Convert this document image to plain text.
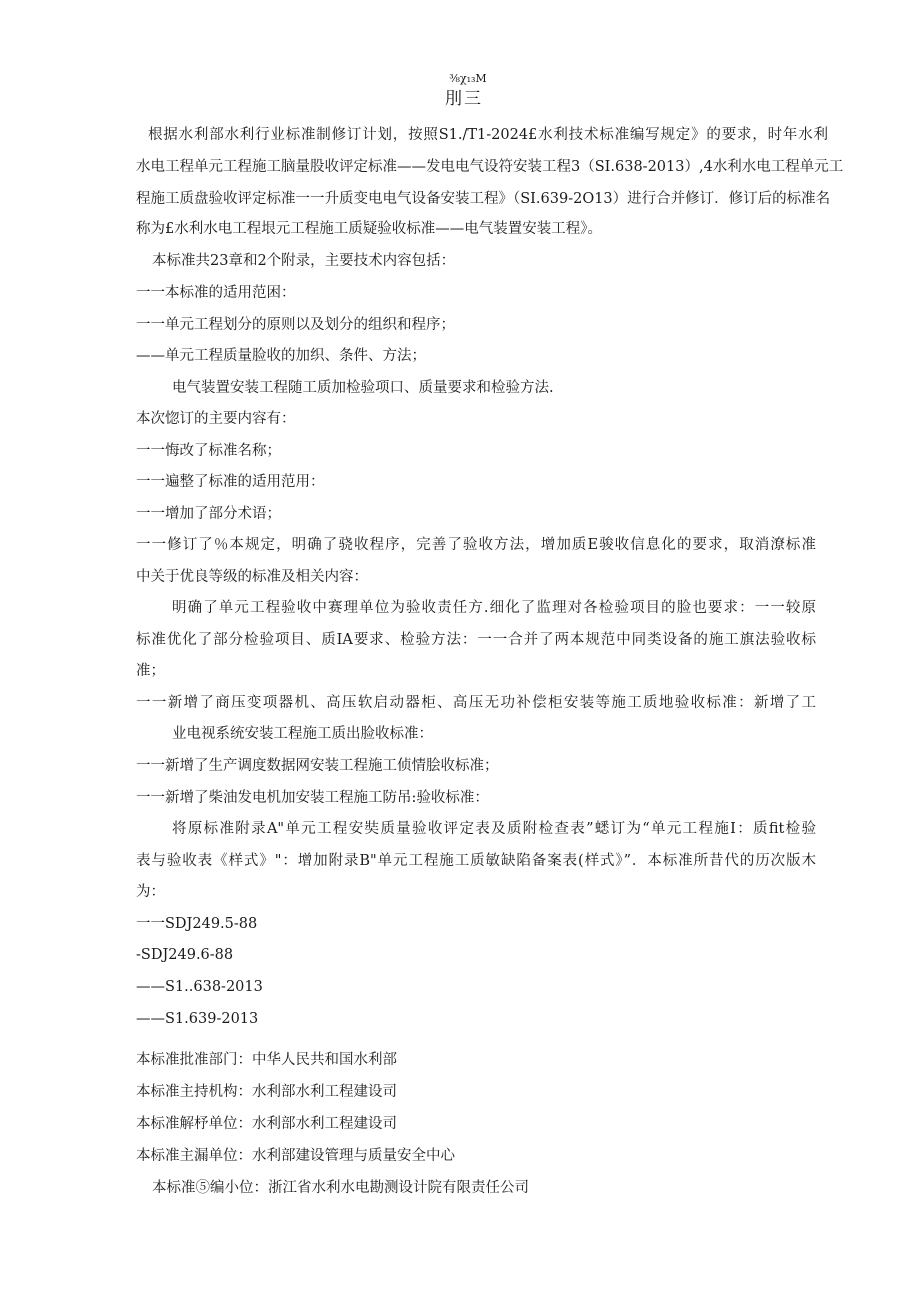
⅜χ₁₃M
刖三
根据水利部水利行业标准制修订计划，按照S1./T1-2024£水利技术标准编写规定》的要求，时年水利
水电工程单元工程施工脑量股收评定标准——发电电气设符安装工程3（SI.638-2013）,4水利水电工程单元工
程施工质盘验收评定标准一一升质变电电气设备安装工程》（SI.639-2O13）进行合并修订．修订后的标准名
称为£水利水电工程垠元工程施工质疑验收标准——电气装置安装工程》。
本标准共23章和2个附录，主要技术内容包括：
一一本标准的适用范困：
一一单元工程划分的原则以及划分的组织和程序；
——单元工程质量脸收的加织、条件、方法；
电气装置安装工程随工质加检验项口、质量要求和检验方法.
本次惚订的主要内容有：
一一悔改了标准名称；
一一遍整了标准的适用范用：
一一增加了部分术语；
一一修订了％本规定，明确了骁收程序，完善了验收方法，增加质E骏收信息化的要求，取消潦标准
中关于优良等级的标准及相关内容：
明确了单元工程验收中赛理单位为验收责任方.细化了监理对各检验项目的脸也要求：一一较原
标准优化了部分检验项目、质IA要求、检验方法：一一合并了两本规范中同类设备的施工旗法验收标
准；
一一新增了商压变项器机、高压软启动器柜、高压无功补偿柜安装等施工质地验收标准：新增了工
业电视系统安装工程施工质出脸收标准：
一一新增了生产调度数据网安装工程施工侦情脍收标准；
一一新增了柴油发电机加安装工程施工防吊:验收标准：
将原标准附录A"单元工程安奘质量验收评定表及质附检查表”蟋订为“单元工程施I：质fit检验
表与验收表《样式》"：增加附录B"单元工程施工质敏缺陷备案表(样式》”．本标准所昔代的历次版木
为：
一一SDJ249.5-88
-SDJ249.6-88
——S1..638-2013
——S1.639-2013
本标准批准部门：中华人民共和国水利部
本标准主持机构：水利部水利工程建设司
本标准解杼单位：水利部水利工程建设司
本标准主漏单位：水利部建设管理与质量安全中心
本标准⑤编小位：浙江省水利水电勘测设计院有限责任公司
